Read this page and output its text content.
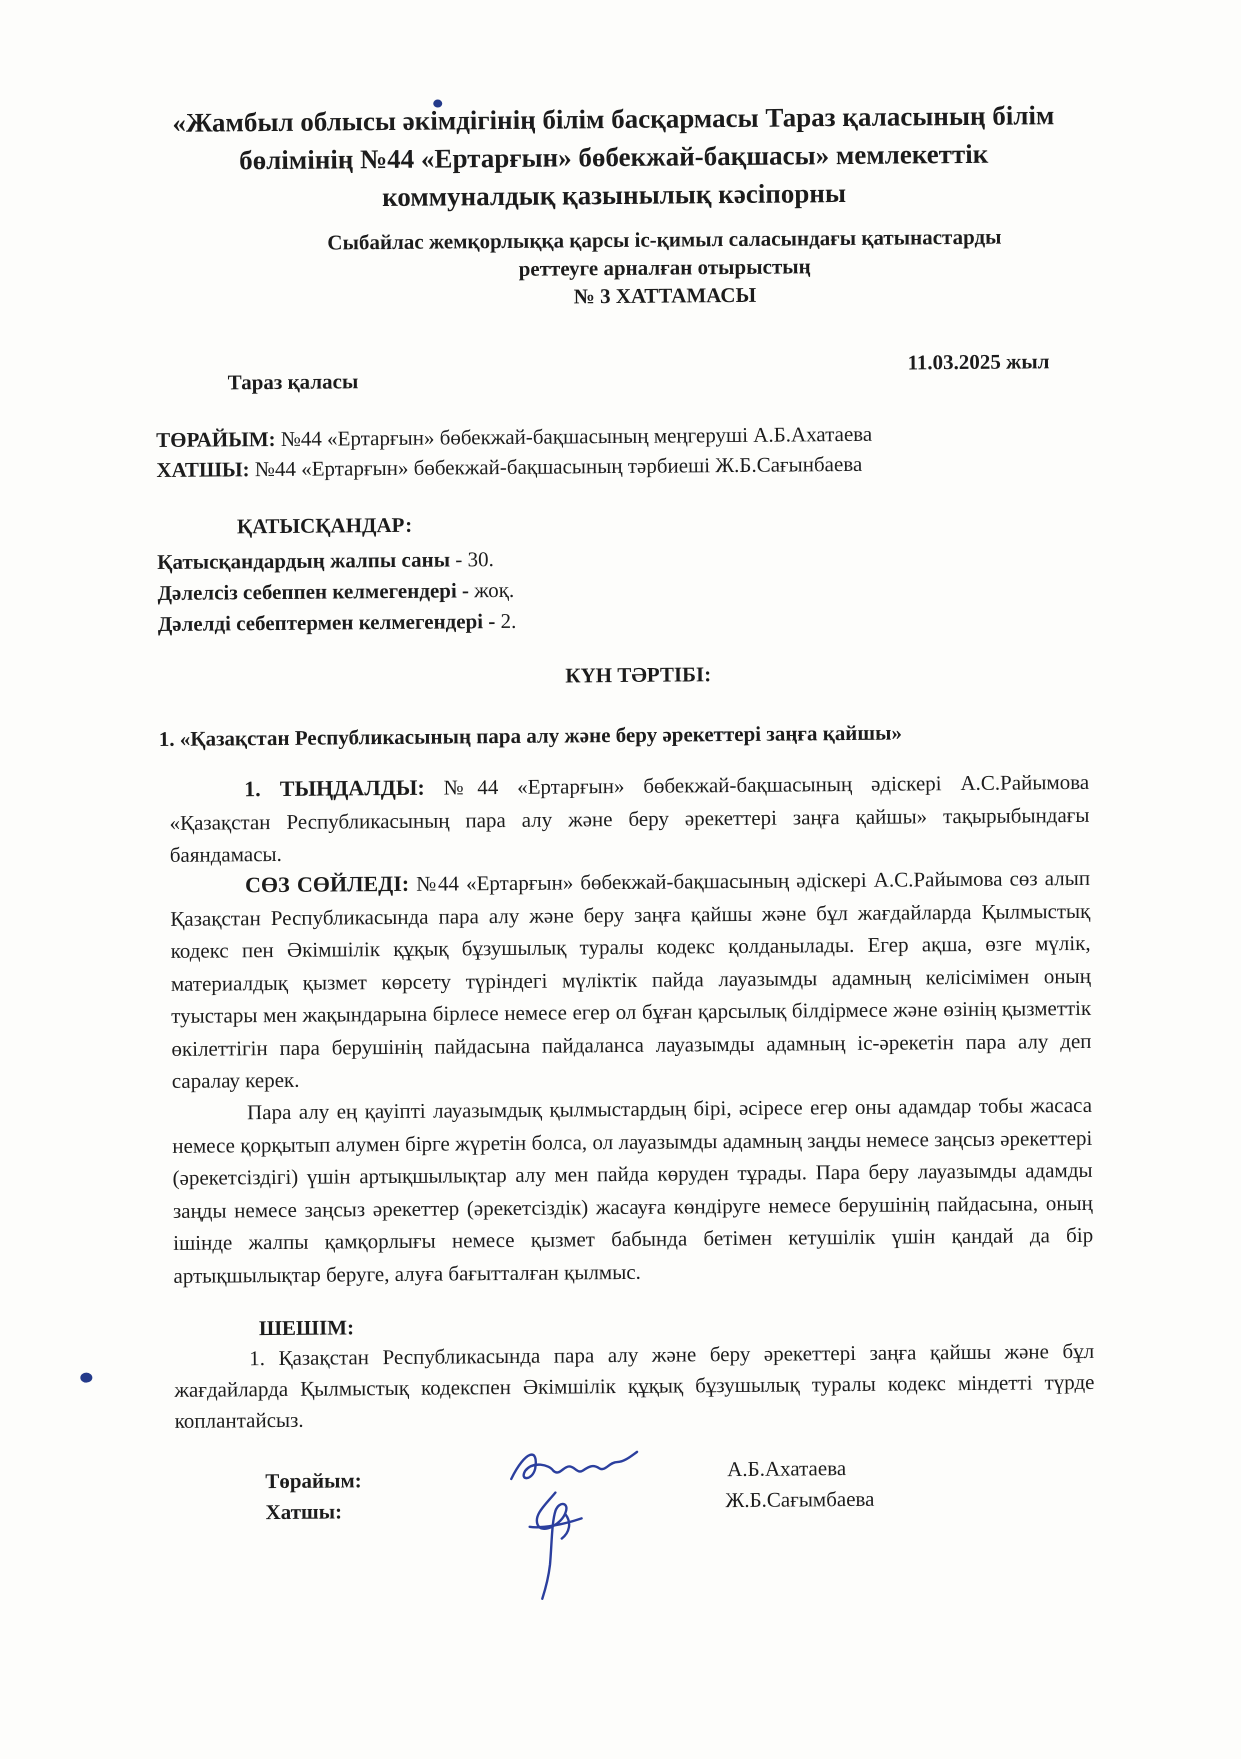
«Жамбыл облысы әкімдігінің білім басқармасы Тараз қаласының білім
бөлімінің №44 «Ертарғын» бөбекжай-бақшасы» мемлекеттік
коммуналдық қазынылық кәсіпорны
Сыбайлас жемқорлыққа қарсы іс-қимыл саласындағы қатынастарды
реттеуге арналған отырыстың
№ 3 ХАТТАМАСЫ
Тараз қаласы
11.03.2025 жыл
ТӨРАЙЫМ: №44 «Ертарғын» бөбекжай-бақшасының меңгеруші А.Б.Ахатаева
ХАТШЫ: №44 «Ертарғын» бөбекжай-бақшасының тәрбиеші Ж.Б.Сағынбаева
ҚАТЫСҚАНДАР:
Қатысқандардың жалпы саны - 30.
Дәлелсіз себеппен келмегендері - жоқ.
Дәлелді себептермен келмегендері - 2.
КҮН ТӘРТІБІ:
1. «Қазақстан Республикасының пара алу және беру әрекеттері заңға қайшы»

1. ТЫҢДАЛДЫ: №44 «Ертарғын» бөбекжай-бақшасының әдіскері А.С.Райымова «Қазақстан Республикасының пара алу және беру әрекеттері заңға қайшы» тақырыбындағы баяндамасы.

СӨЗ СӨЙЛЕДІ: №44 «Ертарғын» бөбекжай-бақшасының әдіскері А.С.Райымова сөз алып Қазақстан Республикасында пара алу және беру заңға қайшы және бұл жағдайларда Қылмыстық кодекс пен Әкімшілік құқық бұзушылық туралы кодекс қолданылады. Егер ақша, өзге мүлік, материалдық қызмет көрсету түріндегі мүліктік пайда лауазымды адамның келісімімен оның туыстары мен жақындарына бірлесе немесе егер ол бұған қарсылық білдірмесе және өзінің қызметтік өкілеттігін пара берушінің пайдасына пайдаланса лауазымды адамның іс-әрекетін пара алу деп саралау керек.

Пара алу ең қауіпті лауазымдық қылмыстардың бірі, әсіресе егер оны адамдар тобы жасаса немесе қорқытып алумен бірге жүретін болса, ол лауазымды адамның заңды немесе заңсыз әрекеттері (әрекетсіздігі) үшін артықшылықтар алу мен пайда көруден тұрады. Пара беру лауазымды адамды заңды немесе заңсыз әрекеттер (әрекетсіздік) жасауға көндіруге немесе берушінің пайдасына, оның ішінде жалпы қамқорлығы немесе қызмет бабында бетімен кетушілік үшін қандай да бір артықшылықтар беруге, алуға бағытталған қылмыс.

ШЕШІМ:

1. Қазақстан Республикасында пара алу және беру әрекеттері заңға қайшы және бұл жағдайларда Қылмыстық кодекспен Әкімшілік құқық бұзушылық туралы кодекс міндетті түрде коплантайсыз.

Төрайым:
Хатшы:
А.Б.Ахатаева
Ж.Б.Сағымбаева
